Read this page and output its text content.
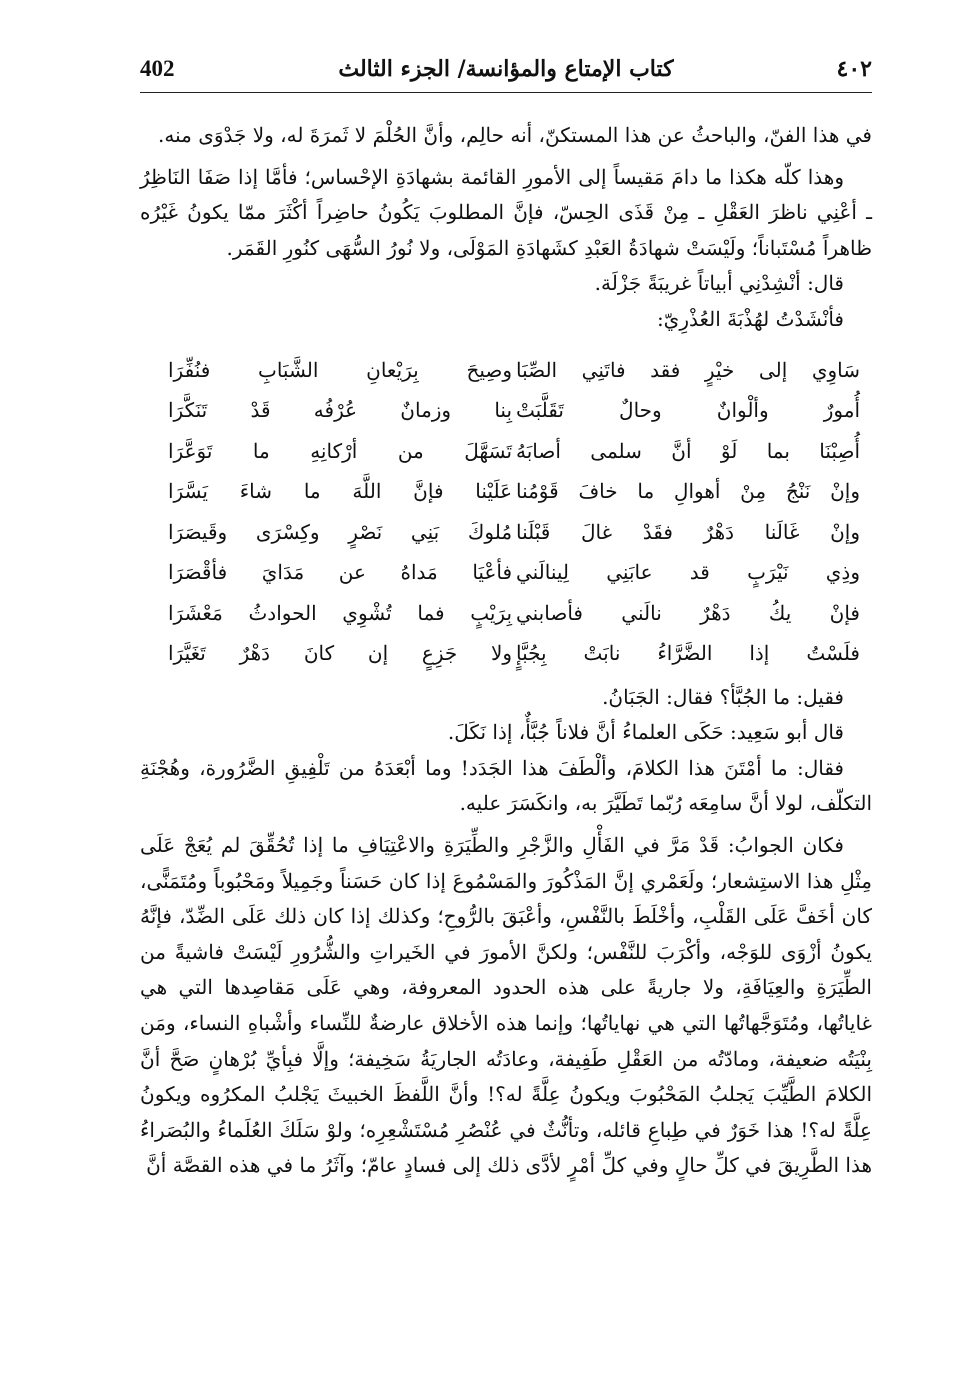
402	كتاب الإمتاع والمؤانسة/ الجزء الثالث	٤٠٢

في هذا الفنّ، والباحثُ عن هذا المستكنّ، أنه حالِم، وأنَّ الحُلْمَ لا ثَمرَةَ له، ولا جَدْوَى منه.

وهذا كلّه هكذا ما دامَ مَقيساً إلى الأمورِ القائمة بشهادَةِ الإحْساس؛ فأمَّا إذا صَفَا النَاظِرُ ـ أعْنِي ناظرَ العَقْلِ ـ مِنْ قَذَى الحِسّ، فإنَّ المطلوبَ يَكُونُ حاضِراً أكْثَرَ ممّا يكونُ غَيْرُه ظاهراً مُسْتَباناً؛ ولَيْسَتْ شهادَةُ العَبْدِ كشَهادَةِ المَوْلَى، ولا نُورُ السُّهَى كنُورِ القَمَر.

قال: أنْشِدْنِي أبياتاً غريبَةً جَزْلَة.

فأنْشَدْتُ لهُذْبَةَ العُذْرِيّ:

سَاوِي إلى خيْرٍ فقد فاتَنِي الصِّبَا
وصِيحَ بِرَيْعانِ الشَّبَابِ فنُفِّرَا
أُمورٌ وألْوانٌ وحالٌ تَقَلَّبَتْ
بِنا وزمانٌ عُرْفُه قَدْ تَنَكَّرَا
أُصِبْنَا بما لَوْ أنَّ سلمى أصابَهُ
تَسَهَّلَ من أرْكانِهِ ما تَوَعَّرَا
وإنْ نَنْجُ مِنْ أهوالِ ما خافَ قَوْمُنا
عَلَيْنا فإنَّ اللَّهَ ما شاءَ يَسَّرَا
وإنْ غَالَنا دَهْرٌ فقَدْ غالَ قَبْلَنا
مُلوكَ بَنِي نَصْرٍ وكِسْرَى وقَيصَرَا
وذِي نَيْرَبٍ قد عابَنِي لِينالَني
فأعْيَا مَداهُ عن مَدَايَ فأقْصَرَا
فإنْ يكُ دَهْرٌ نالَني فأصابني
بِرَيْبٍ فما تُشْوِي الحوادثُ مَعْشَرَا
فلَسْتُ إذا الضَّرَّاءُ نابَتْ بِجُبَّإٍ
ولا جَزِعٍ إن كانَ دَهْرٌ تَغَيَّرَا

فقيل: ما الجُبَّأ؟ فقال: الجَبَانُ.

قال أبو سَعِيد: حَكَى العلماءُ أنَّ فلاناً جُبَّأٌ، إذا نَكَلَ.

فقال: ما أمْتَنَ هذا الكلامَ، وألْطَفَ هذا الجَدَد! وما أبْعَدَهُ من تَلْفِيقِ الضَّرُورة، وهُجْنَةِ التكلّف، لولا أنَّ سامِعَه رُبّما تَطَيَّرَ به، وانكَسَرَ عليه.

فكان الجوابُ: قَدْ مَرَّ في الفَأْلِ والزَّجْرِ والطِّيَرَةِ والاعْتِيَافِ ما إذا تُحُقِّقَ لم يُعَجْ عَلَى مِثْلِ هذا الاستِشعار؛ ولَعَمْري إنَّ المَذْكُورَ والمَسْمُوعَ إذا كان حَسَناً وجَمِيلاً ومَحْبُوباً ومُتَمَنًّى، كان أخَفَّ عَلَى القَلْبِ، وأخْلَطَ بالنَّفْسِ، وأعْبَقَ بالرُّوحِ؛ وكذلك إذا كان ذلك عَلَى الضِّدّ، فإنَّهُ يكونُ أزْوَى للوَجْه، وأكْرَبَ للنَّفْس؛ ولكنَّ الأمورَ في الخَيراتِ والشُّرُورِ لَيْسَتْ فاشيةً من الطِّيَرَةِ والعِيَافَةِ، ولا جاريةً على هذه الحدود المعروفة، وهي عَلَى مَقاصِدها التي هي غاياتُها، ومُتَوَجَّهاتُها التي هي نهاياتُها؛ وإنما هذه الأخلاق عارضةٌ للنِّساء وأشْباهِ النساء، ومَن بِنْيَتُه ضعيفة، ومادّتُه من العَقْلِ طَفِيفة، وعادَتُه الجاريَةُ سَخِيفة؛ وإلَّا فبِأيِّ بُرْهانٍ صَحَّ أنَّ الكلامَ الطَّيِّبَ يَجلبُ المَحْبُوبَ ويكونُ عِلَّةً له؟! وأنَّ اللَّفظَ الخبيثَ يَجْلبُ المكرُوه ويكونُ عِلَّةً له؟! هذا خَوَرٌ في طِباعِ قائله، وتأنُّثٌ في عُنْصُرِ مُسْتَشْعِرِه؛ ولوْ سَلَكَ العُلَماءُ والبُصَراءُ هذا الطَّرِيقَ في كلِّ حالٍ وفي كلِّ أمْرٍ لأدَّى ذلك إلى فسادٍ عامّ؛ وآثَرُ ما في هذه القصَّة أنَّ
